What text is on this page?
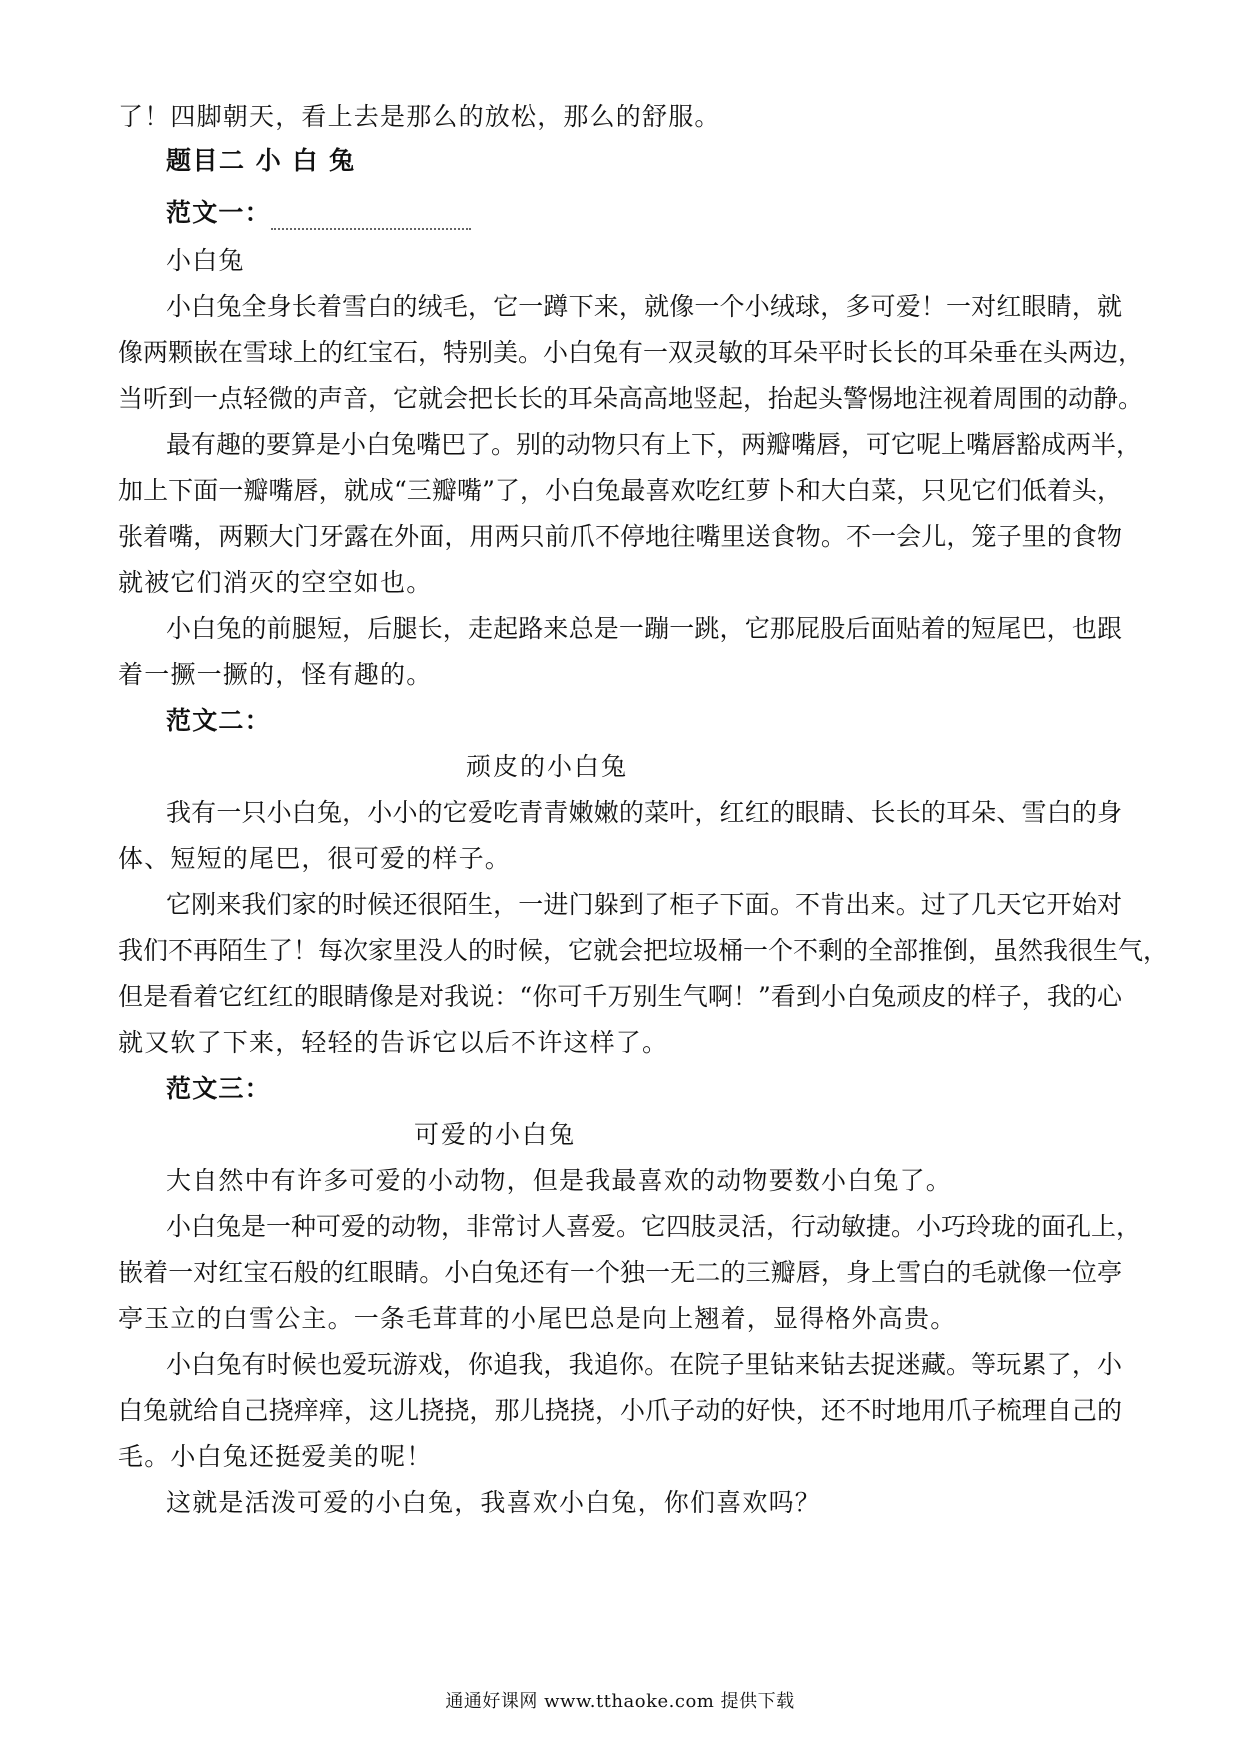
了！四脚朝天，看上去是那么的放松，那么的舒服。
题目二 小 白 兔
范文一：
小白兔
小白兔全身长着雪白的绒毛，它一蹲下来，就像一个小绒球，多可爱！一对红眼睛，就
像两颗嵌在雪球上的红宝石，特别美。小白兔有一双灵敏的耳朵平时长长的耳朵垂在头两边，
当听到一点轻微的声音，它就会把长长的耳朵高高地竖起，抬起头警惕地注视着周围的动静。
最有趣的要算是小白兔嘴巴了。别的动物只有上下，两瓣嘴唇，可它呢上嘴唇豁成两半，
加上下面一瓣嘴唇，就成“三瓣嘴”了，小白兔最喜欢吃红萝卜和大白菜，只见它们低着头，
张着嘴，两颗大门牙露在外面，用两只前爪不停地往嘴里送食物。不一会儿，笼子里的食物
就被它们消灭的空空如也。
小白兔的前腿短，后腿长，走起路来总是一蹦一跳，它那屁股后面贴着的短尾巴，也跟
着一撅一撅的，怪有趣的。
范文二：
顽皮的小白兔
我有一只小白兔，小小的它爱吃青青嫩嫩的菜叶，红红的眼睛、长长的耳朵、雪白的身
体、短短的尾巴，很可爱的样子。
它刚来我们家的时候还很陌生，一进门躲到了柜子下面。不肯出来。过了几天它开始对
我们不再陌生了！每次家里没人的时候，它就会把垃圾桶一个不剩的全部推倒，虽然我很生气，
但是看着它红红的眼睛像是对我说：“你可千万别生气啊！”看到小白兔顽皮的样子，我的心
就又软了下来，轻轻的告诉它以后不许这样了。
范文三：
可爱的小白兔
大自然中有许多可爱的小动物，但是我最喜欢的动物要数小白兔了。
小白兔是一种可爱的动物，非常讨人喜爱。它四肢灵活，行动敏捷。小巧玲珑的面孔上，
嵌着一对红宝石般的红眼睛。小白兔还有一个独一无二的三瓣唇，身上雪白的毛就像一位亭
亭玉立的白雪公主。一条毛茸茸的小尾巴总是向上翘着，显得格外高贵。
小白兔有时候也爱玩游戏，你追我，我追你。在院子里钻来钻去捉迷藏。等玩累了，小
白兔就给自己挠痒痒，这儿挠挠，那儿挠挠，小爪子动的好快，还不时地用爪子梳理自己的
毛。小白兔还挺爱美的呢！
这就是活泼可爱的小白兔，我喜欢小白兔，你们喜欢吗？
通通好课网 www.tthaoke.com 提供下载
